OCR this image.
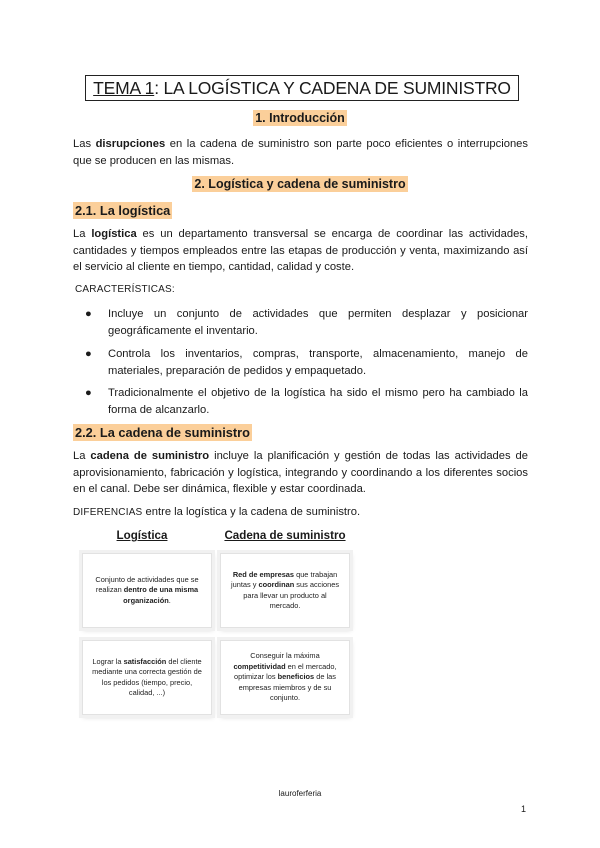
TEMA 1: LA LOGÍSTICA Y CADENA DE SUMINISTRO
1. Introducción
Las disrupciones en la cadena de suministro son parte poco eficientes o interrupciones que se producen en las mismas.
2. Logística y cadena de suministro
2.1. La logística
La logística es un departamento transversal se encarga de coordinar las actividades, cantidades y tiempos empleados entre las etapas de producción y venta, maximizando así el servicio al cliente en tiempo, cantidad, calidad y coste.
CARACTERÍSTICAS:
● Incluye un conjunto de actividades que permiten desplazar y posicionar geográficamente el inventario.
● Controla los inventarios, compras, transporte, almacenamiento, manejo de materiales, preparación de pedidos y empaquetado.
● Tradicionalmente el objetivo de la logística ha sido el mismo pero ha cambiado la forma de alcanzarlo.
2.2. La cadena de suministro
La cadena de suministro incluye la planificación y gestión de todas las actividades de aprovisionamiento, fabricación y logística, integrando y coordinando a los diferentes socios en el canal. Debe ser dinámica, flexible y estar coordinada.
DIFERENCIAS entre la logística y la cadena de suministro.
Logística	Cadena de suministro
Conjunto de actividades que se realizan dentro de una misma organización.
Red de empresas que trabajan juntas y coordinan sus acciones para llevar un producto al mercado.
Lograr la satisfacción del cliente mediante una correcta gestión de los pedidos (tiempo, precio, calidad, ...)
Conseguir la máxima competitividad en el mercado, optimizar los beneficios de las empresas miembros y de su conjunto.
lauroferferia
1
